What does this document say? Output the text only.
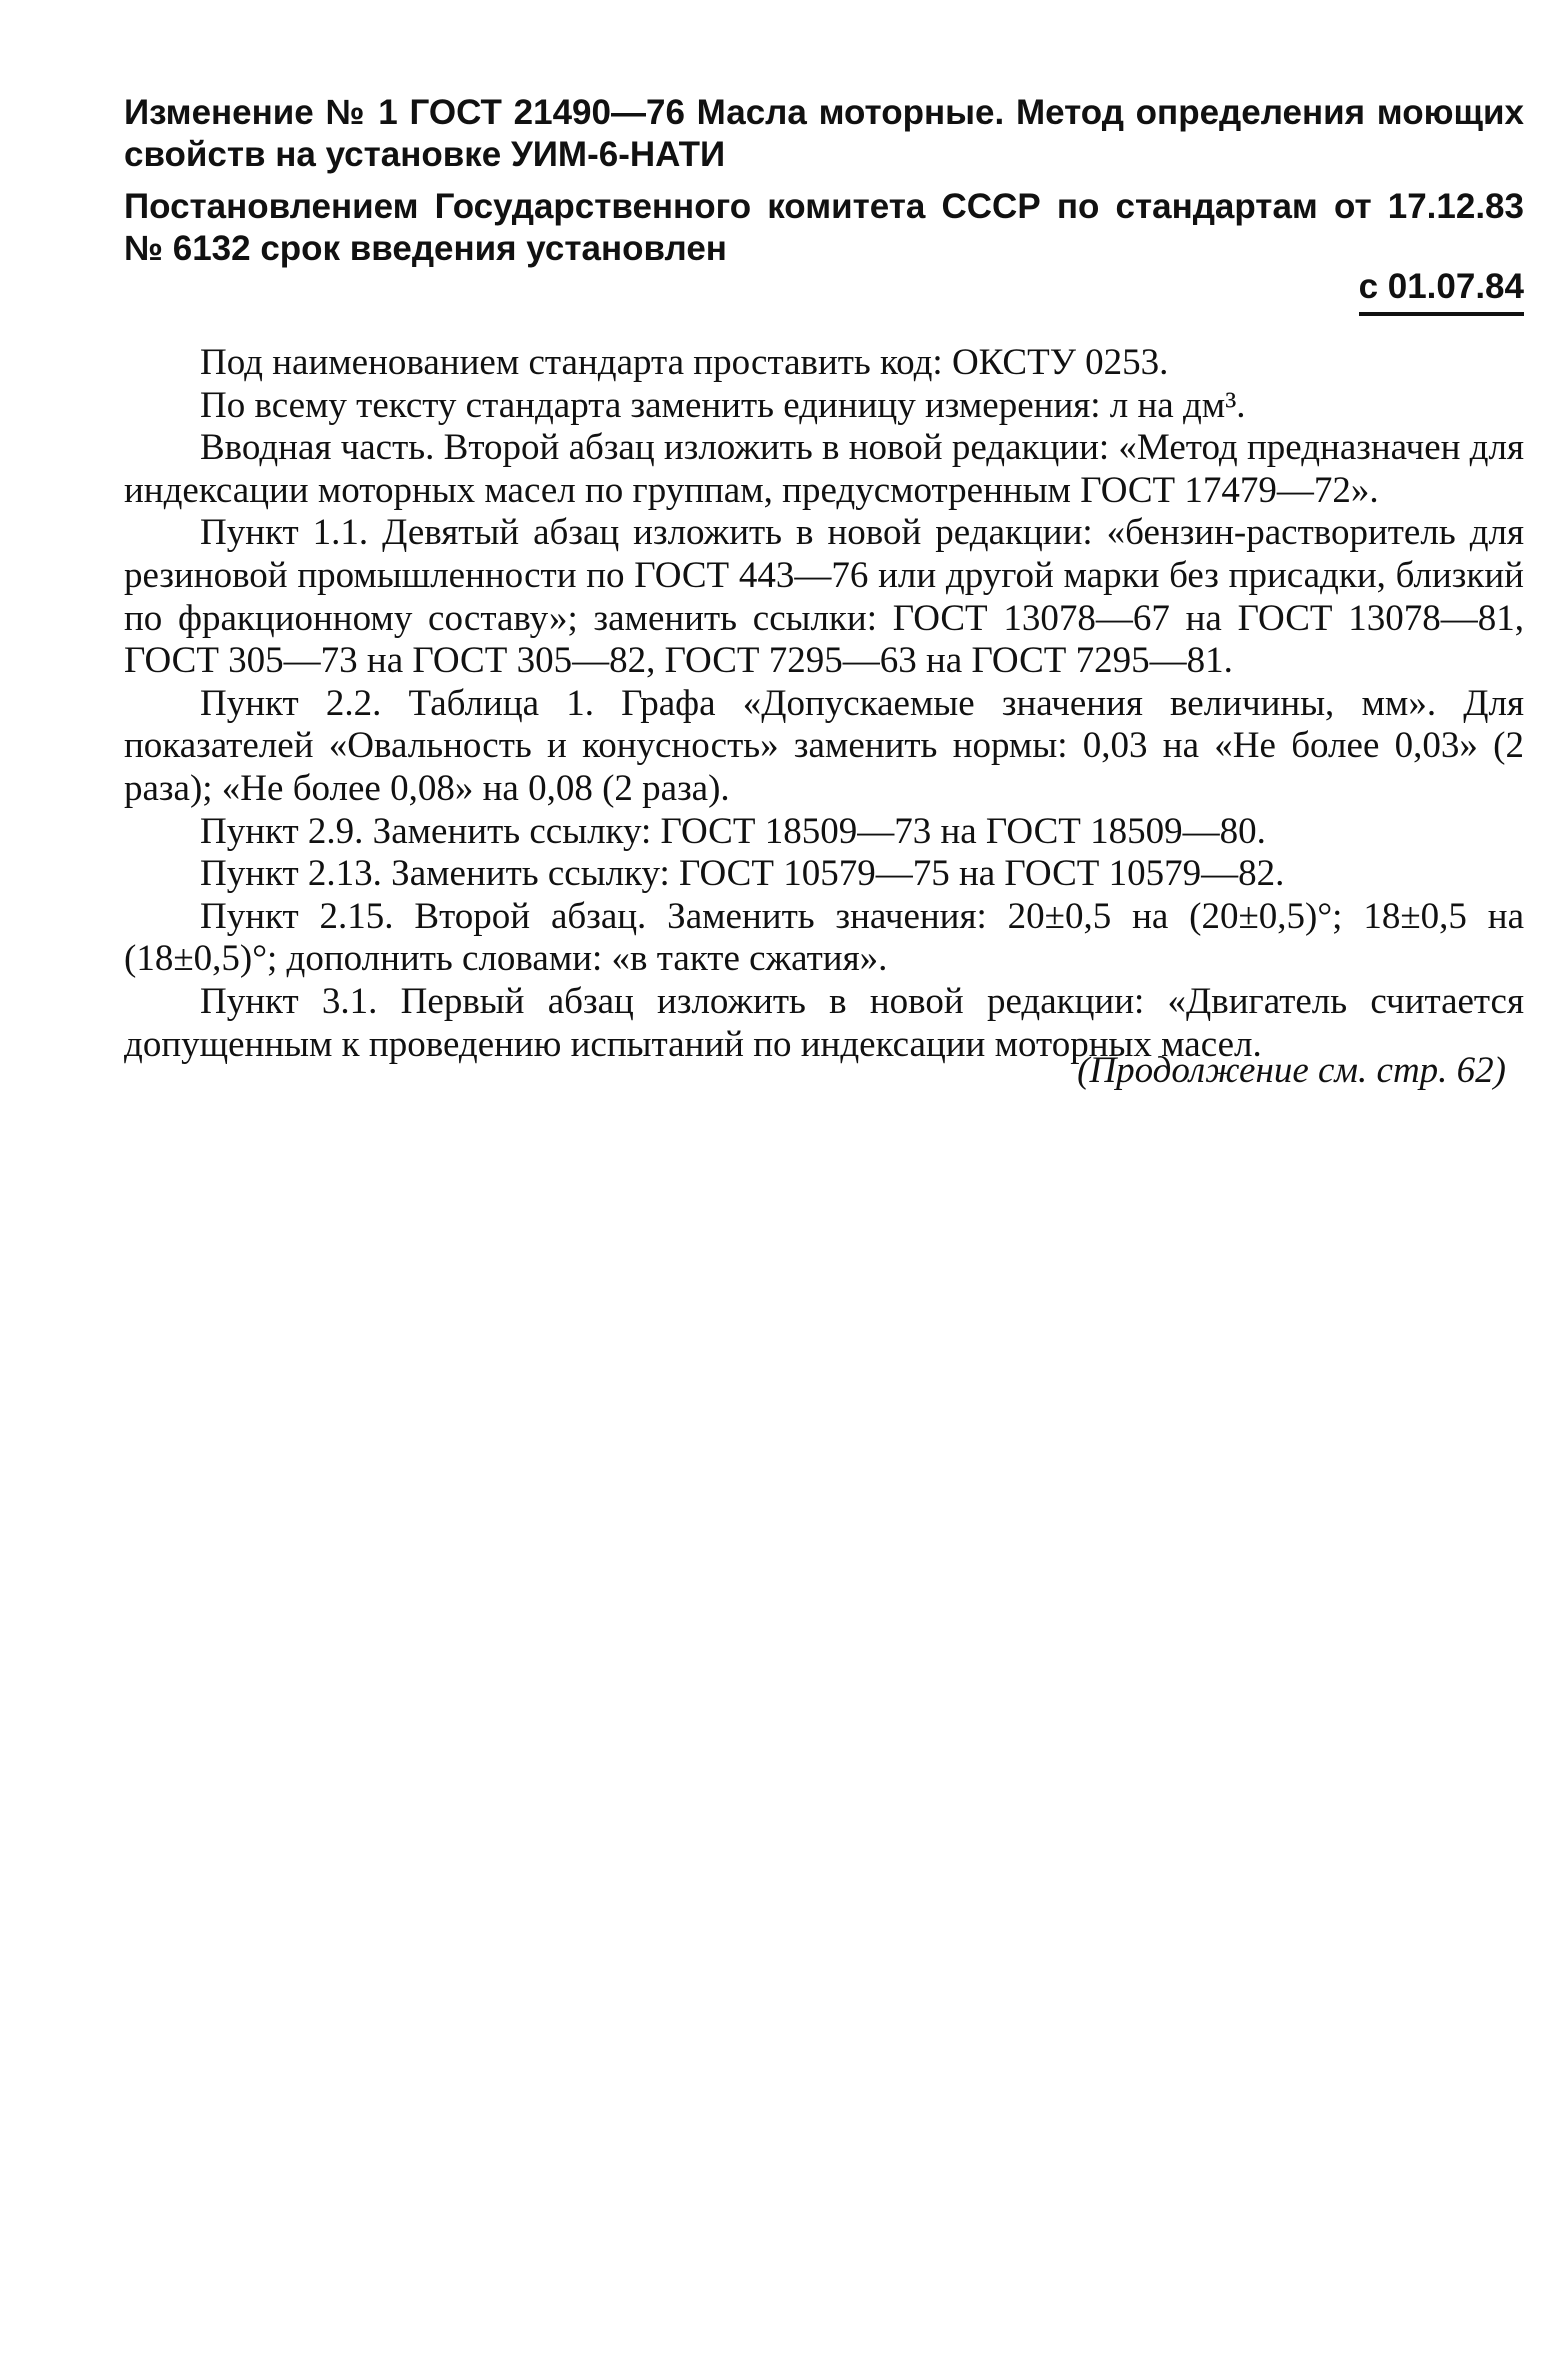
Изменение № 1 ГОСТ 21490—76 Масла моторные. Метод определения моющих свойств на установке УИМ-6-НАТИ
Постановлением Государственного комитета СССР по стандартам от 17.12.83 № 6132 срок введения установлен
с 01.07.84

Под наименованием стандарта проставить код: ОКСТУ 0253.

По всему тексту стандарта заменить единицу измерения: л на дм³.

Вводная часть. Второй абзац изложить в новой редакции: «Метод предназначен для индексации моторных масел по группам, предусмотренным ГОСТ 17479—72».

Пункт 1.1. Девятый абзац изложить в новой редакции: «бензин-растворитель для резиновой промышленности по ГОСТ 443—76 или другой марки без присадки, близкий по фракционному составу»; заменить ссылки: ГОСТ 13078—67 на ГОСТ 13078—81, ГОСТ 305—73 на ГОСТ 305—82, ГОСТ 7295—63 на ГОСТ 7295—81.

Пункт 2.2. Таблица 1. Графа «Допускаемые значения величины, мм». Для показателей «Овальность и конусность» заменить нормы: 0,03 на «Не более 0,03» (2 раза); «Не более 0,08» на 0,08 (2 раза).

Пункт 2.9. Заменить ссылку: ГОСТ 18509—73 на ГОСТ 18509—80.

Пункт 2.13. Заменить ссылку: ГОСТ 10579—75 на ГОСТ 10579—82.

Пункт 2.15. Второй абзац. Заменить значения: 20±0,5 на (20±0,5)°; 18±0,5 на (18±0,5)°; дополнить словами: «в такте сжатия».

Пункт 3.1. Первый абзац изложить в новой редакции: «Двигатель считается допущенным к проведению испытаний по индексации моторных масел.

(Продолжение см. стр. 62)
